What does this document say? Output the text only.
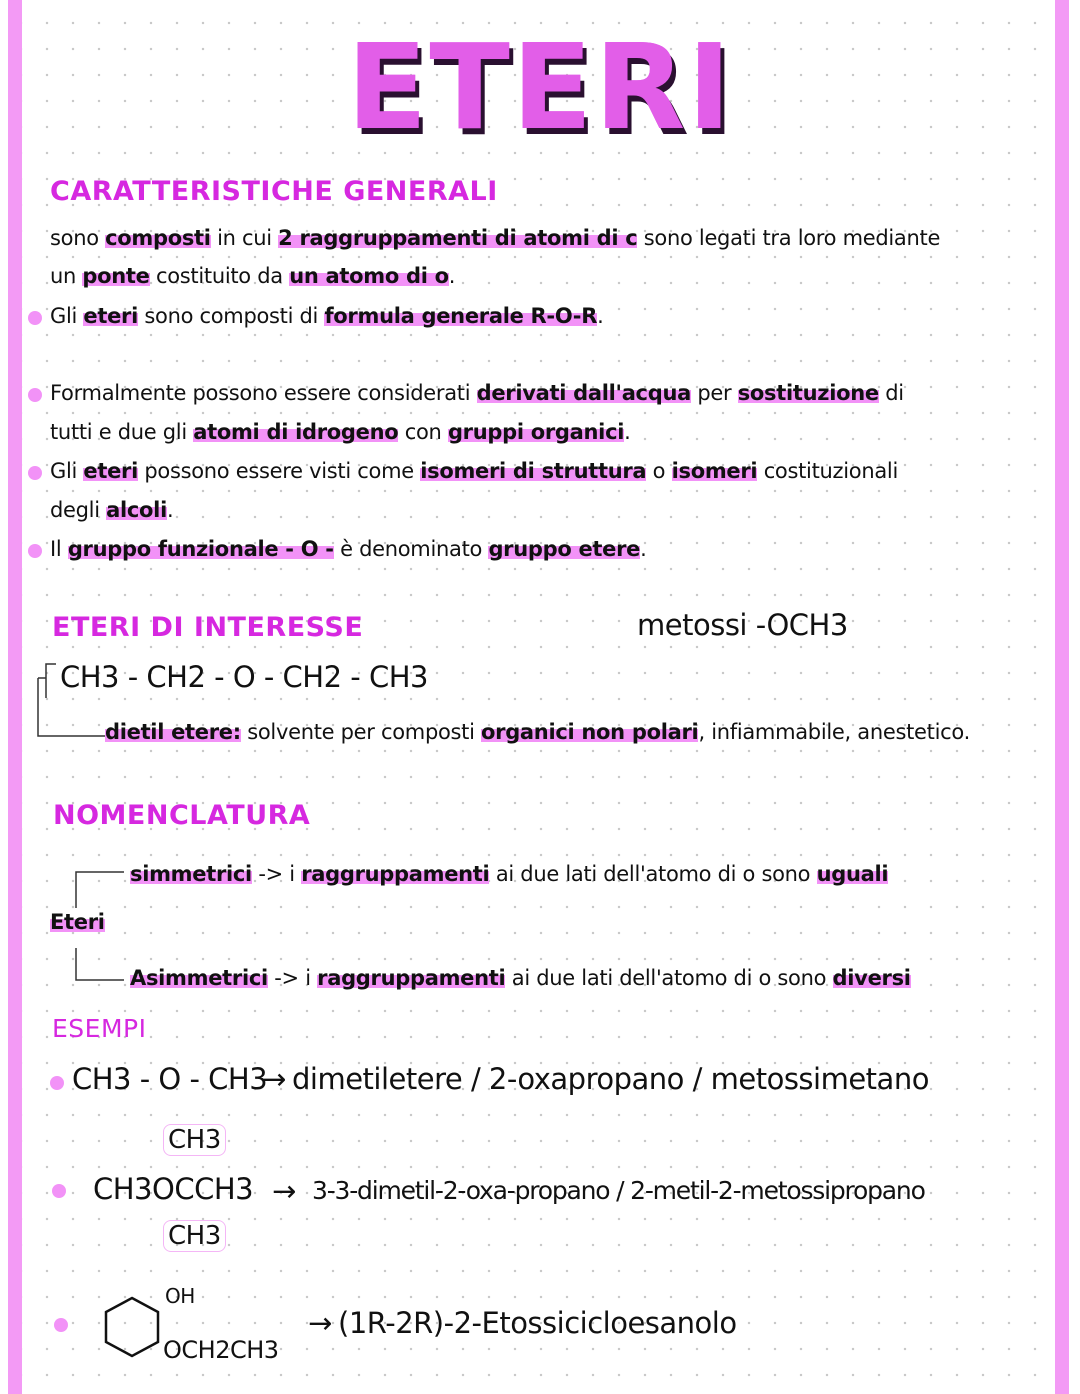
ETERI
CARATTERISTICHE GENERALI
sono composti in cui 2 raggruppamenti di atomi di c sono legati tra loro mediante
un ponte costituito da un atomo di o.
Gli eteri sono composti di formula generale R-O-R.
Formalmente possono essere considerati derivati dall'acqua per sostituzione di
tutti e due gli atomi di idrogeno con gruppi organici.
Gli eteri possono essere visti come isomeri di struttura o isomeri costituzionali
degli alcoli.
Il gruppo funzionale - O - è denominato gruppo etere.
ETERI DI INTERESSE	metossi -OCH3
CH3 - CH2 - O - CH2 - CH3
dietil etere: solvente per composti organici non polari, infiammabile, anestetico.
NOMENCLATURA
simmetrici -> i raggruppamenti ai due lati dell'atomo di o sono uguali
Eteri
Asimmetrici -> i raggruppamenti ai due lati dell'atomo di o sono diversi
ESEMPI
CH3 - O - CH3
→ dimetiletere / 2-oxapropano / metossimetano
CH3
CH3OCCH3
CH3
→ 3-3-dimetil-2-oxa-propano / 2-metil-2-metossipropano
OH
OCH2CH3
→ (1R-2R)-2-Etossicicloesanolo
